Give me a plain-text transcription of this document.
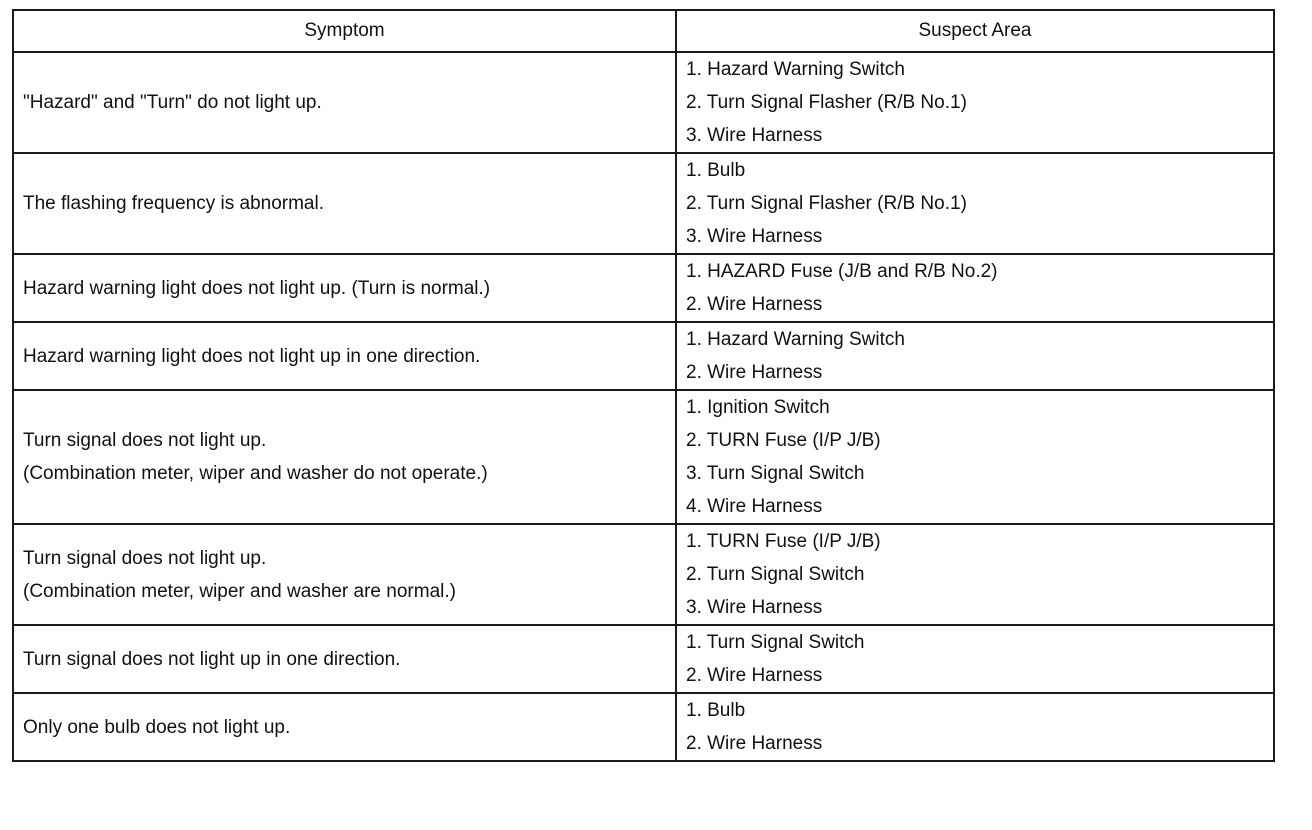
Symptom	Suspect Area

"Hazard" and "Turn" do not light up.	1. Hazard Warning Switch
2. Turn Signal Flasher (R/B No.1)
3. Wire Harness

The flashing frequency is abnormal.	1. Bulb
2. Turn Signal Flasher (R/B No.1)
3. Wire Harness

Hazard warning light does not light up. (Turn is normal.)	1. HAZARD Fuse (J/B and R/B No.2)
2. Wire Harness

Hazard warning light does not light up in one direction.	1. Hazard Warning Switch
2. Wire Harness

Turn signal does not light up.
(Combination meter, wiper and washer do not operate.)	1. Ignition Switch
2. TURN Fuse (I/P J/B)
3. Turn Signal Switch
4. Wire Harness

Turn signal does not light up.
(Combination meter, wiper and washer are normal.)	1. TURN Fuse (I/P J/B)
2. Turn Signal Switch
3. Wire Harness

Turn signal does not light up in one direction.	1. Turn Signal Switch
2. Wire Harness

Only one bulb does not light up.	1. Bulb
2. Wire Harness
